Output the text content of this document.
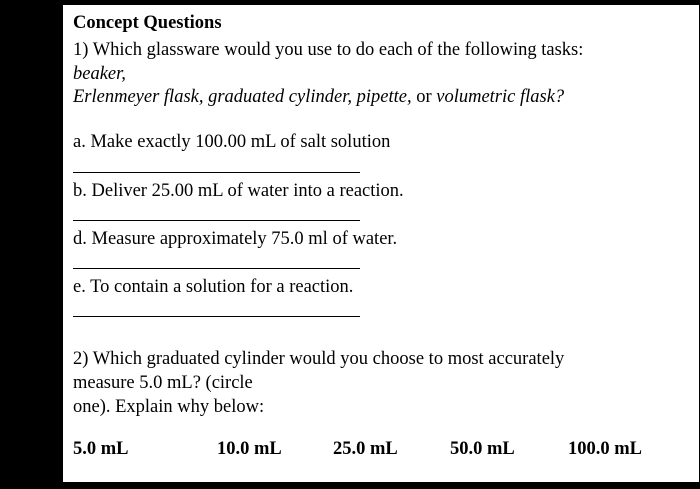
Concept Questions
1) Which glassware would you use to do each of the following tasks:
beaker,
Erlenmeyer flask, graduated cylinder, pipette, or volumetric flask?
a. Make exactly 100.00 mL of salt solution
b. Deliver 25.00 mL of water into a reaction.
d. Measure approximately 75.0 ml of water.
e. To contain a solution for a reaction.
2) Which graduated cylinder would you choose to most accurately
measure 5.0 mL? (circle
one). Explain why below:
5.0 mL	10.0 mL	25.0 mL	50.0 mL	100.0 mL
